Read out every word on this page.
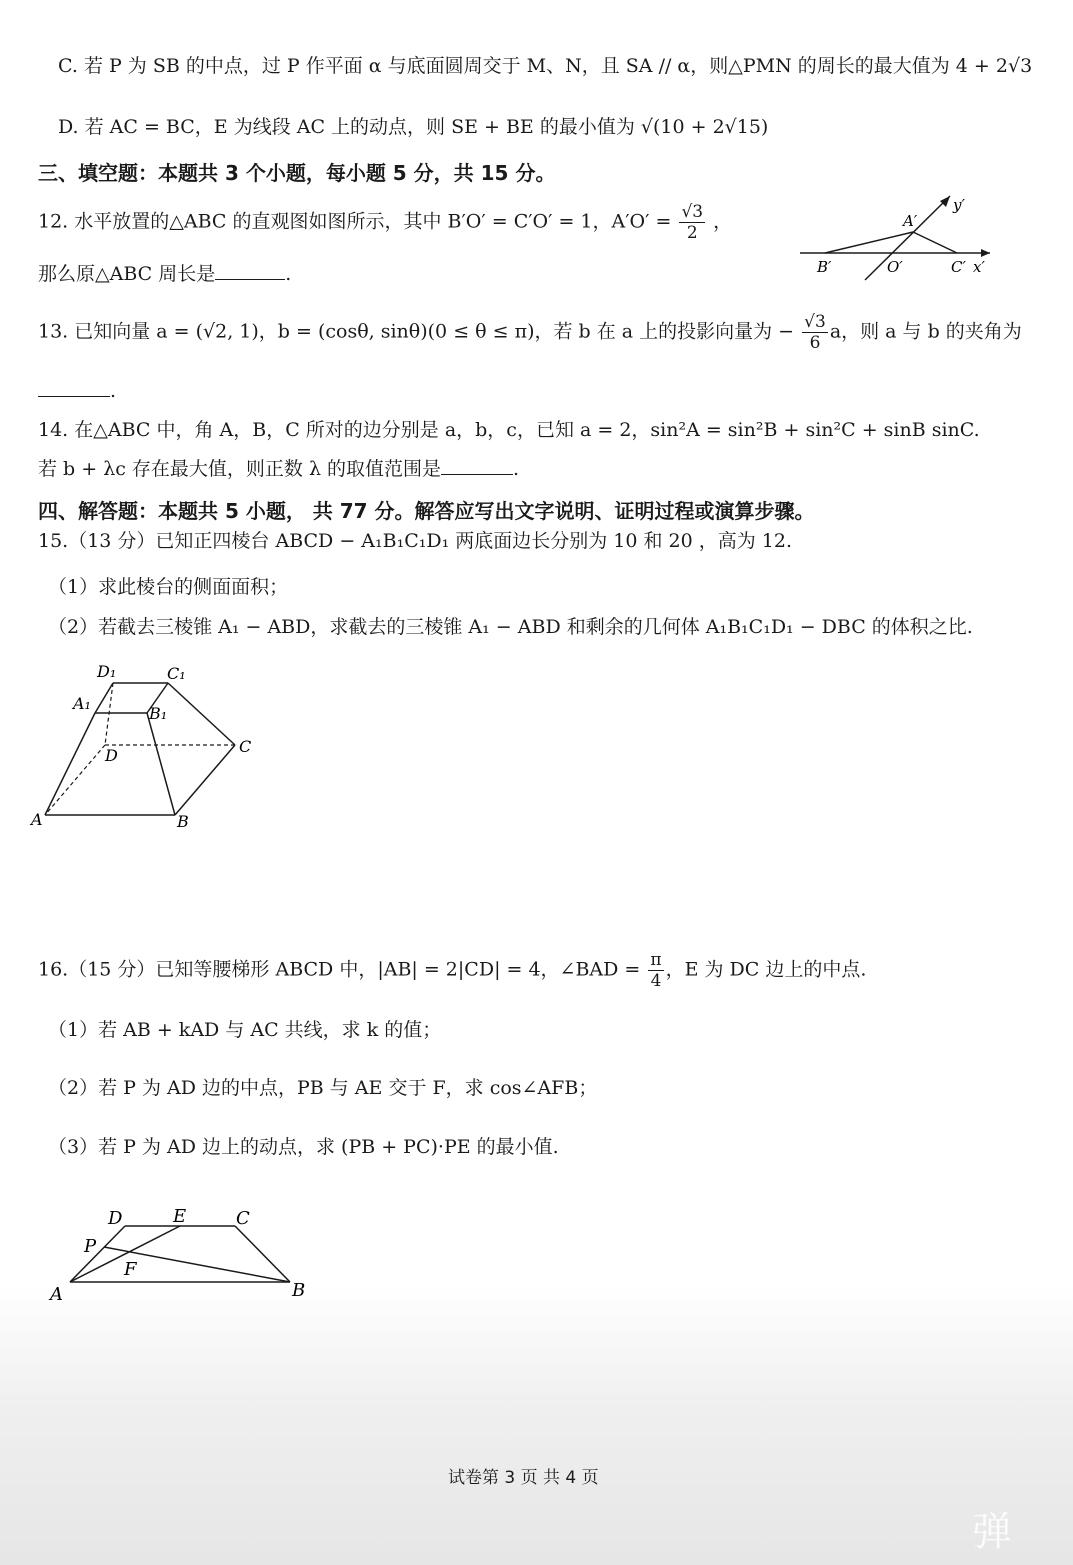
C. 若 P 为 SB 的中点，过 P 作平面 α 与底面圆周交于 M、N，且 SA // α，则△PMN 的周长的最大值为 4 + 2√3
D. 若 AC = BC，E 为线段 AC 上的动点，则 SE + BE 的最小值为 √(10 + 2√15)
三、填空题：本题共 3 个小题，每小题 5 分，共 15 分。
12. 水平放置的△ABC 的直观图如图所示，其中 B′O′ = C′O′ = 1，$A'O' = \frac{√3}{2}$ ，
那么原△ABC 周长是	.	B′	O′	C′ x′
A′
y′
13. 已知向量 a = (√2, 1)，b = (cosθ, sinθ)(0 ≤ θ ≤ π)，若 b 在 a 上的投影向量为 − $\frac{√3}{6}$ a，则 a 与 b 的夹角为
.
14. 在△ABC 中，角 A，B，C 所对的边分别是 a，b，c，已知 a = 2，sin²A = sin²B + sin²C + sinB sinC.
若 b + λc 存在最大值，则正数 λ 的取值范围是	.
四、解答题：本题共 5 小题， 共 77 分。解答应写出文字说明、证明过程或演算步骤。
15.（13 分）已知正四棱台 ABCD − A₁B₁C₁D₁ 两底面边长分别为 10 和 20 ，高为 12.
（1）求此棱台的侧面面积；
（2）若截去三棱锥 A₁ − ABD，求截去的三棱锥 A₁ − ABD 和剩余的几何体 A₁B₁C₁D₁ − DBC 的体积之比.
D₁	C₁
A₁
B₁
D	C
A	B
16.（15 分）已知等腰梯形 ABCD 中，|AB| = 2|CD| = 4，∠BAD = $\frac{\pi}{4}$ ，E 为 DC 边上的中点.
（1）若 AB + kAD 与 AC 共线，求 k 的值；
（2）若 P 为 AD 边的中点，PB 与 AE 交于 F，求 cos∠AFB；
（3）若 P 为 AD 边上的动点，求 (PB + PC)·PE 的最小值.
D	E	C
P
F
A	B
试卷第 3 页 共 4 页
弹
